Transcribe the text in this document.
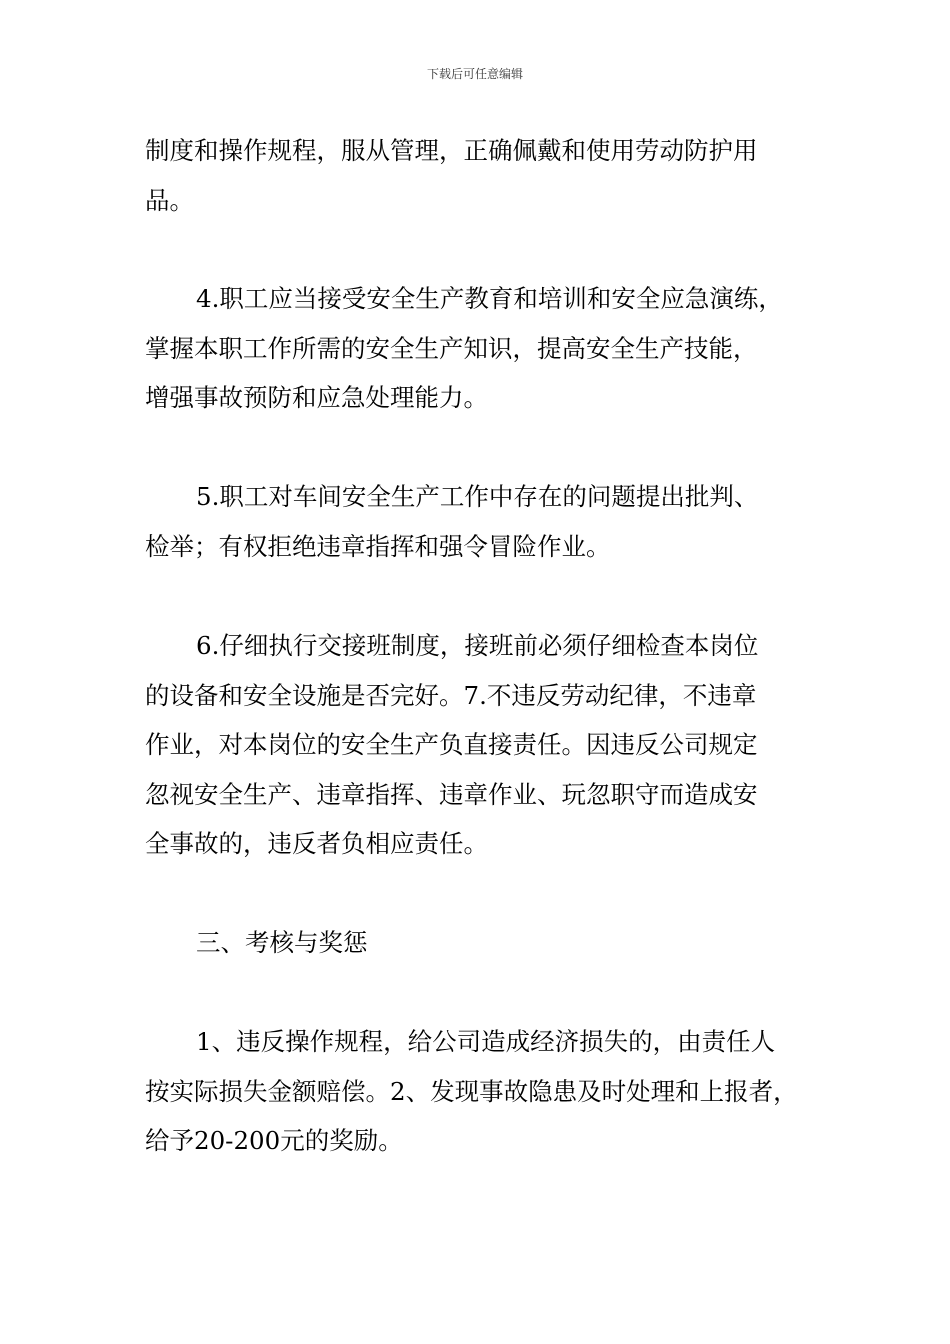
下载后可任意编辑
制度和操作规程，服从管理，正确佩戴和使用劳动防护用
品。
4.职工应当接受安全生产教育和培训和安全应急演练，
掌握本职工作所需的安全生产知识，提高安全生产技能，
增强事故预防和应急处理能力。
5.职工对车间安全生产工作中存在的问题提出批判、
检举；有权拒绝违章指挥和强令冒险作业。
6.仔细执行交接班制度，接班前必须仔细检查本岗位
的设备和安全设施是否完好。7.不违反劳动纪律，不违章
作业，对本岗位的安全生产负直接责任。因违反公司规定
忽视安全生产、违章指挥、违章作业、玩忽职守而造成安
全事故的，违反者负相应责任。
三、考核与奖惩
1、违反操作规程，给公司造成经济损失的，由责任人
按实际损失金额赔偿。2、发现事故隐患及时处理和上报者，
给予20-200元的奖励。
